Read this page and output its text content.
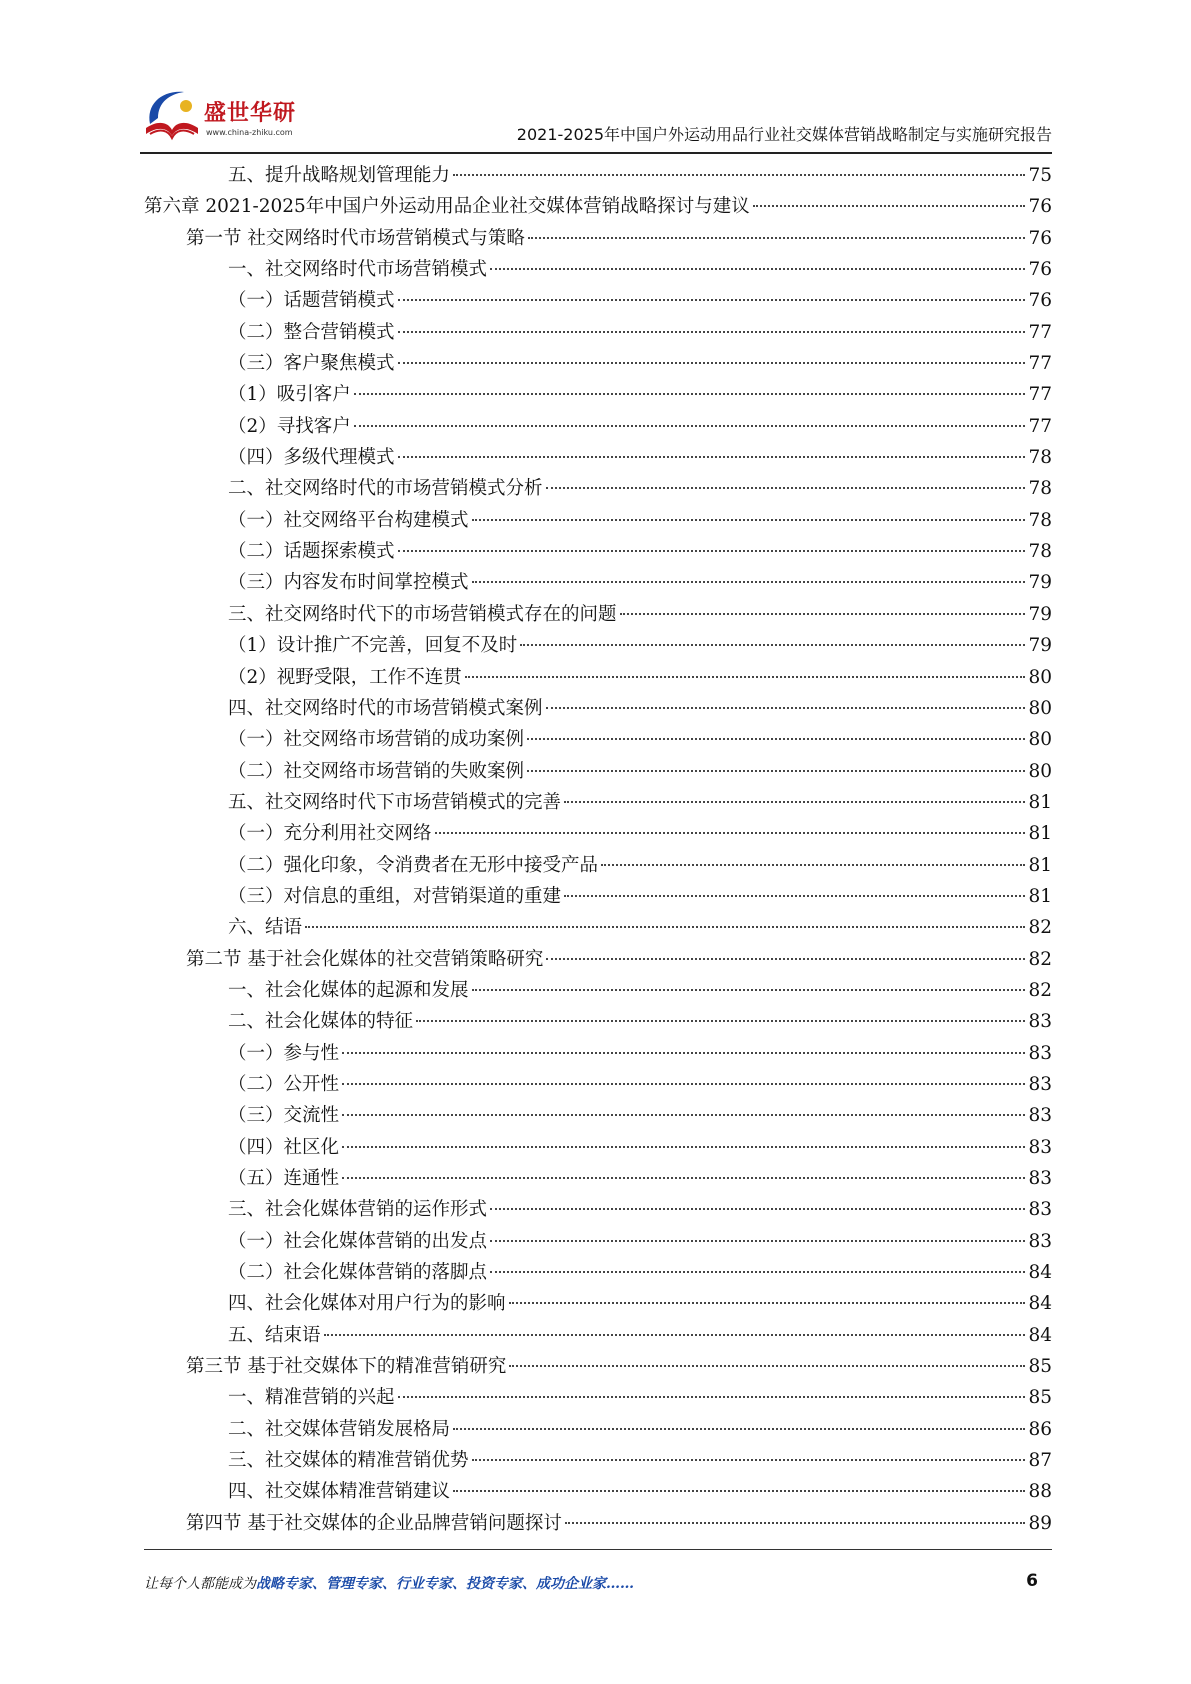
盛世华研
www.china-zhiku.com	2021-2025年中国户外运动用品行业社交媒体营销战略制定与实施研究报告
五、提升战略规划管理能力	75
第六章 2021-2025年中国户外运动用品企业社交媒体营销战略探讨与建议	76
第一节 社交网络时代市场营销模式与策略	76
一、社交网络时代市场营销模式	76
（一）话题营销模式	76
（二）整合营销模式	77
（三）客户聚焦模式	77
（1）吸引客户	77
（2）寻找客户	77
（四）多级代理模式	78
二、社交网络时代的市场营销模式分析	78
（一）社交网络平台构建模式	78
（二）话题探索模式	78
（三）内容发布时间掌控模式	79
三、社交网络时代下的市场营销模式存在的问题	79
（1）设计推广不完善，回复不及时	79
（2）视野受限，工作不连贯	80
四、社交网络时代的市场营销模式案例	80
（一）社交网络市场营销的成功案例	80
（二）社交网络市场营销的失败案例	80
五、社交网络时代下市场营销模式的完善	81
（一）充分利用社交网络	81
（二）强化印象，令消费者在无形中接受产品	81
（三）对信息的重组，对营销渠道的重建	81
六、结语	82
第二节 基于社会化媒体的社交营销策略研究	82
一、社会化媒体的起源和发展	82
二、社会化媒体的特征	83
（一）参与性	83
（二）公开性	83
（三）交流性	83
（四）社区化	83
（五）连通性	83
三、社会化媒体营销的运作形式	83
（一）社会化媒体营销的出发点	83
（二）社会化媒体营销的落脚点	84
四、社会化媒体对用户行为的影响	84
五、结束语	84
第三节 基于社交媒体下的精准营销研究	85
一、精准营销的兴起	85
二、社交媒体营销发展格局	86
三、社交媒体的精准营销优势	87
四、社交媒体精准营销建议	88
第四节 基于社交媒体的企业品牌营销问题探讨	89
让每个人都能成为战略专家、管理专家、行业专家、投资专家、成功企业家……	6
